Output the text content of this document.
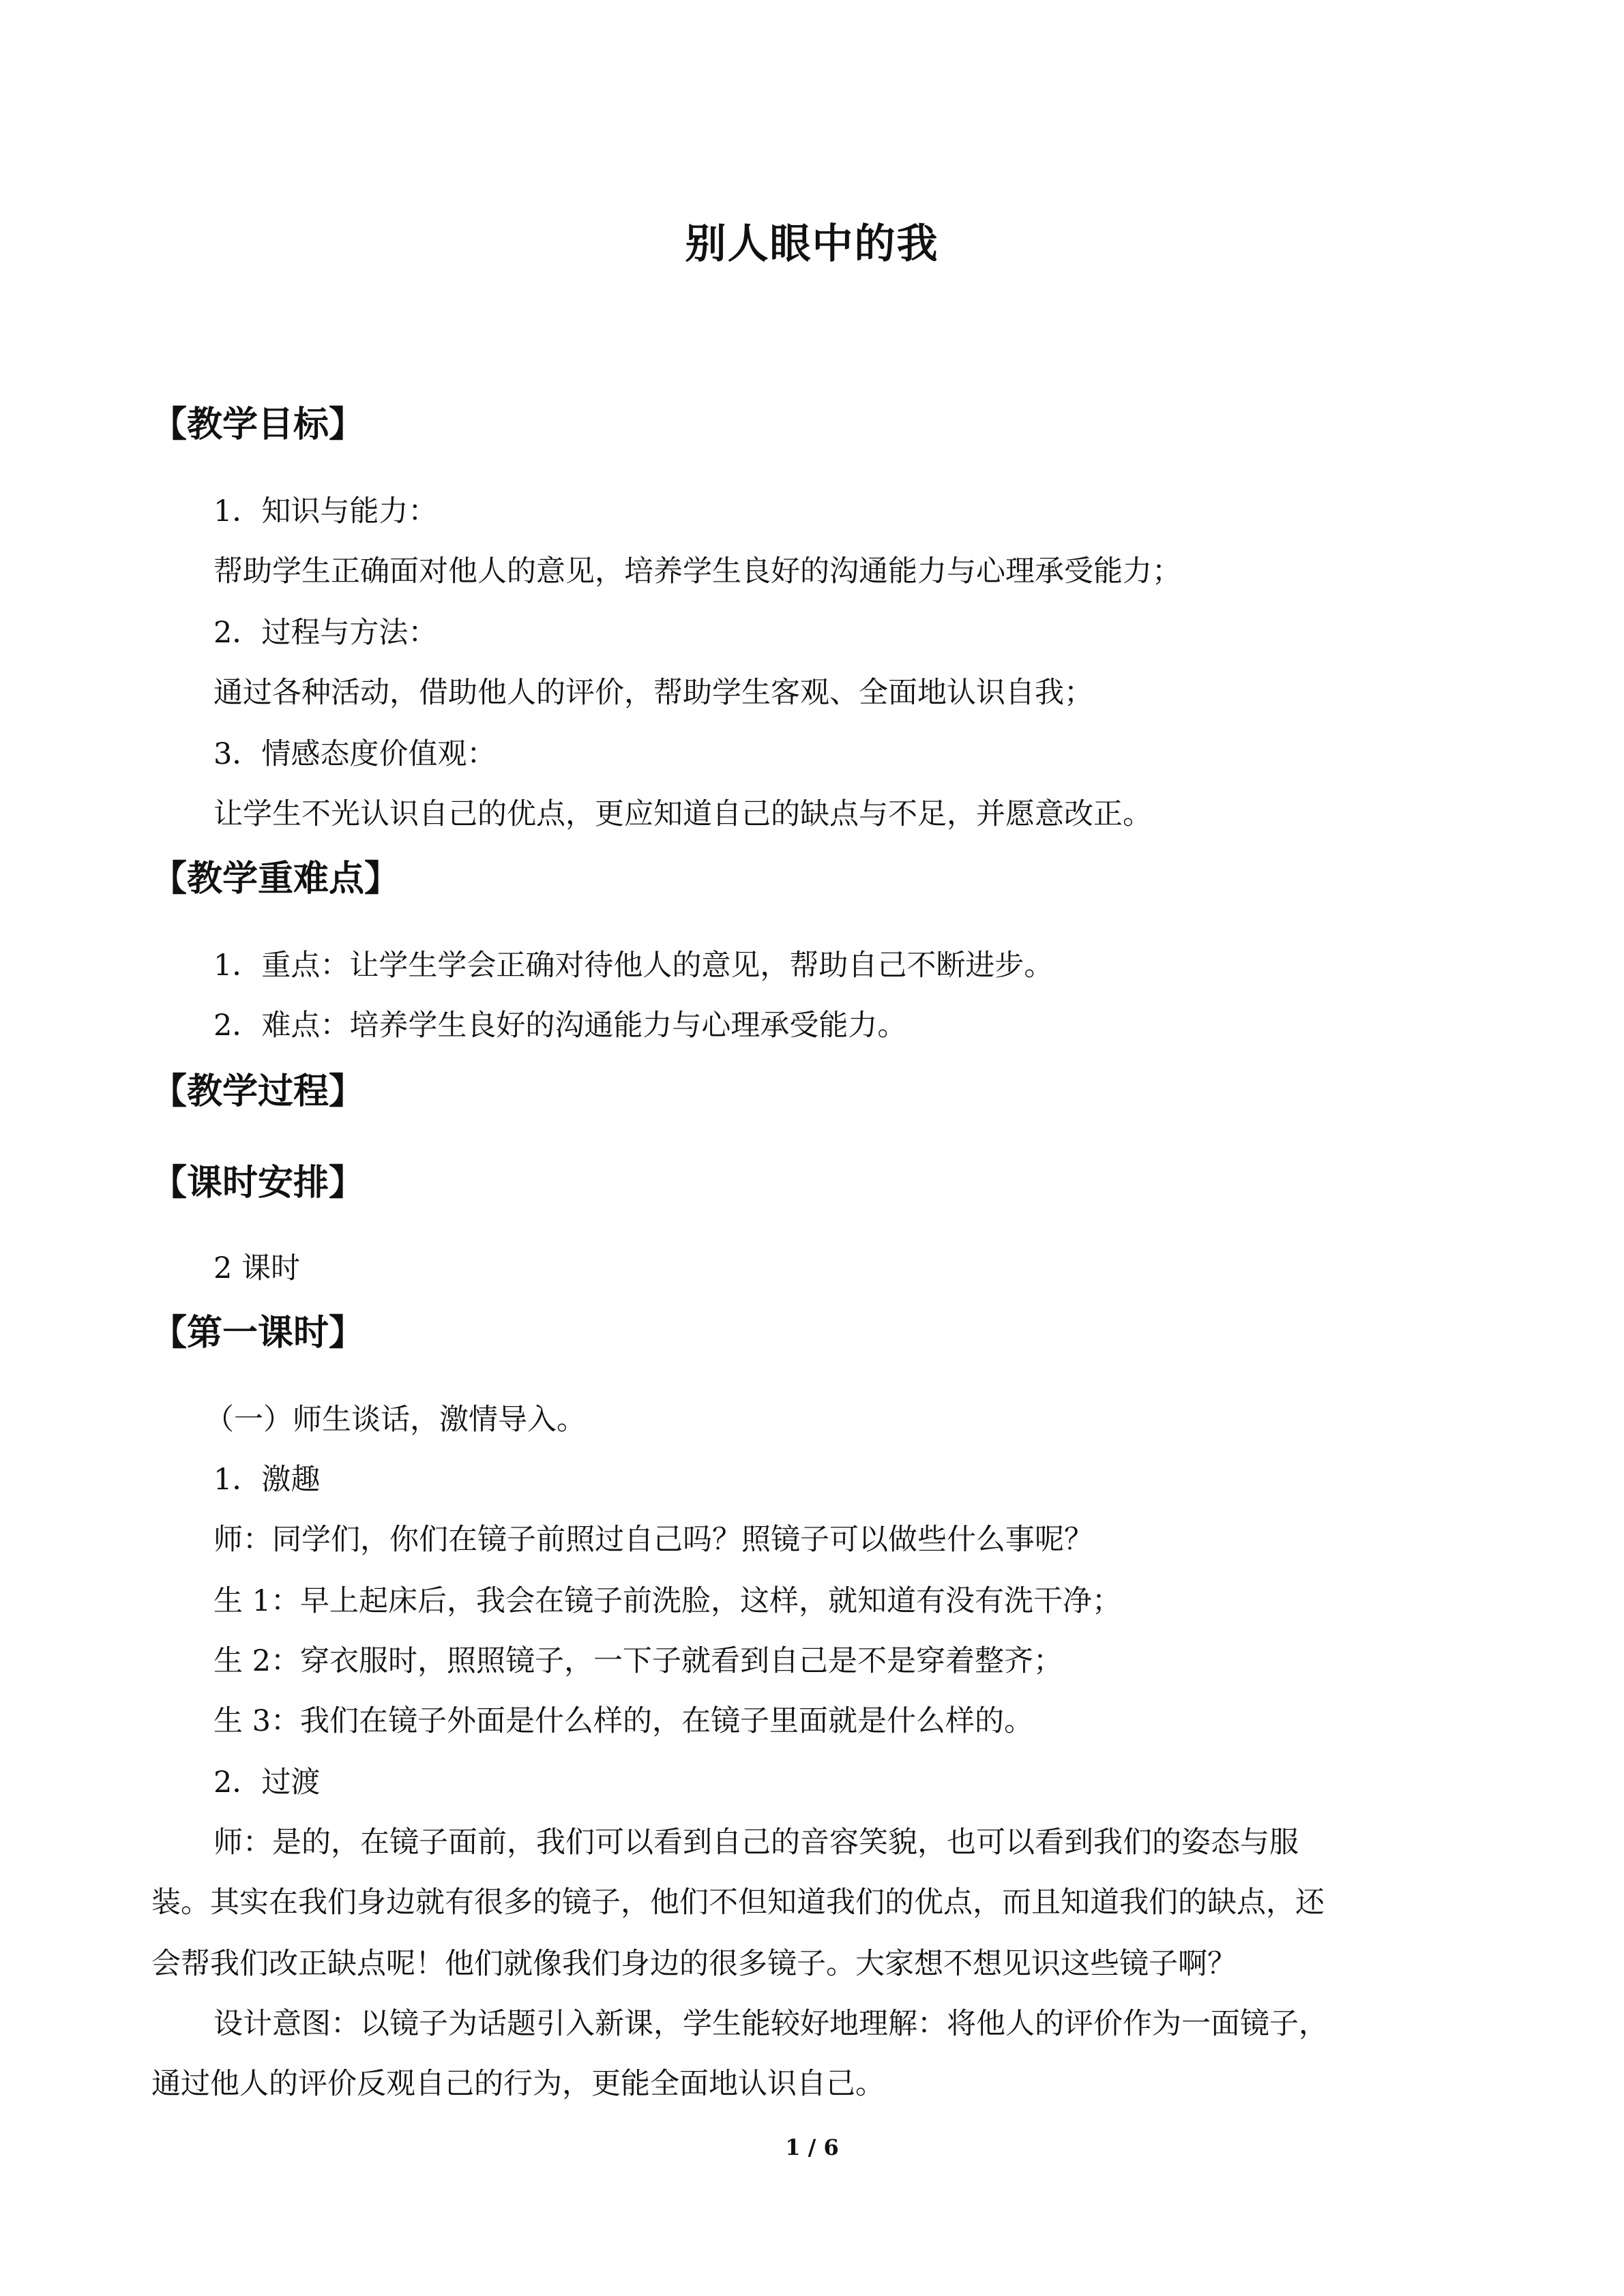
别人眼中的我
【教学目标】
1．知识与能力：
帮助学生正确面对他人的意见，培养学生良好的沟通能力与心理承受能力；
2．过程与方法：
通过各种活动，借助他人的评价，帮助学生客观、全面地认识自我；
3．情感态度价值观：
让学生不光认识自己的优点，更应知道自己的缺点与不足，并愿意改正。
【教学重难点】
1．重点：让学生学会正确对待他人的意见，帮助自己不断进步。
2．难点：培养学生良好的沟通能力与心理承受能力。
【教学过程】
【课时安排】
2 课时
【第一课时】
（一）师生谈话，激情导入。
1．激趣
师：同学们，你们在镜子前照过自己吗？照镜子可以做些什么事呢？
生 1：早上起床后，我会在镜子前洗脸，这样，就知道有没有洗干净；
生 2：穿衣服时，照照镜子，一下子就看到自己是不是穿着整齐；
生 3：我们在镜子外面是什么样的，在镜子里面就是什么样的。
2．过渡
师：是的，在镜子面前，我们可以看到自己的音容笑貌，也可以看到我们的姿态与服
装。其实在我们身边就有很多的镜子，他们不但知道我们的优点，而且知道我们的缺点，还
会帮我们改正缺点呢！他们就像我们身边的很多镜子。大家想不想见识这些镜子啊？
设计意图：以镜子为话题引入新课，学生能较好地理解：将他人的评价作为一面镜子，
通过他人的评价反观自己的行为，更能全面地认识自己。
1 / 6
